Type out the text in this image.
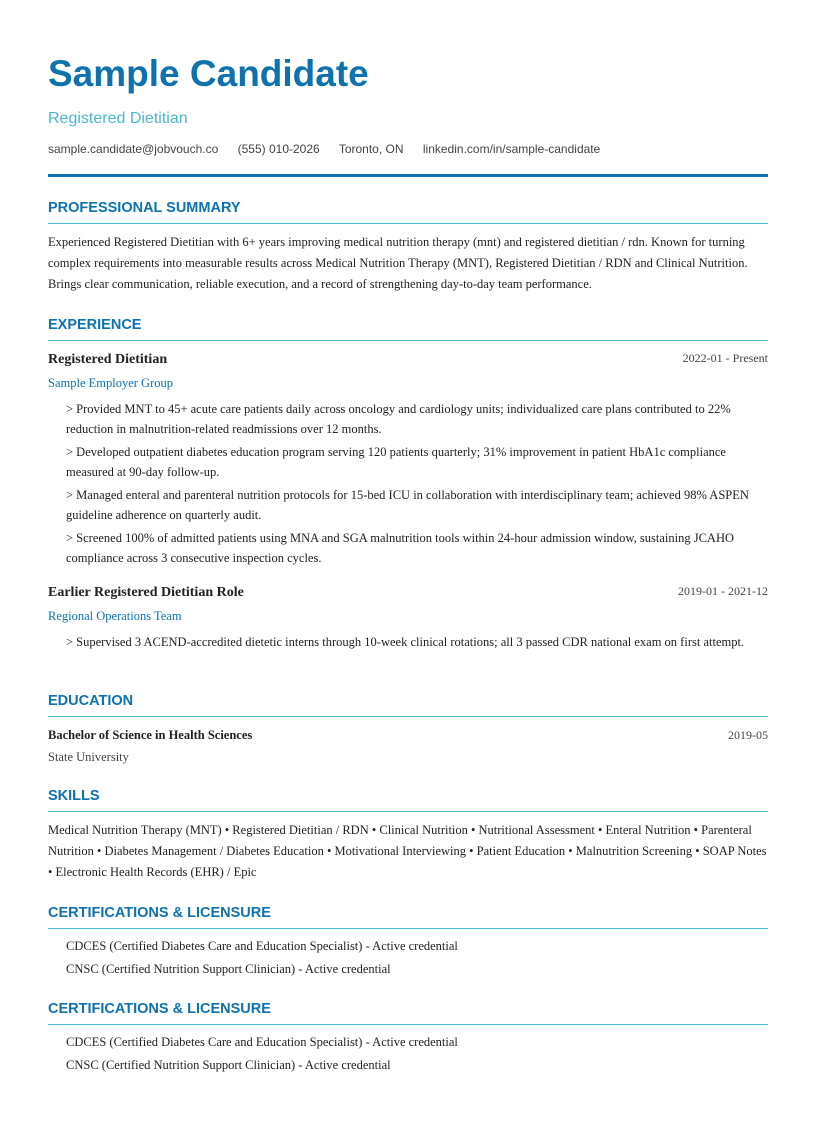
Sample Candidate
Registered Dietitian
sample.candidate@jobvouch.co (555) 010-2026 Toronto, ON linkedin.com/in/sample-candidate
PROFESSIONAL SUMMARY
Experienced Registered Dietitian with 6+ years improving medical nutrition therapy (mnt) and registered dietitian / rdn. Known for turning complex requirements into measurable results across Medical Nutrition Therapy (MNT), Registered Dietitian / RDN and Clinical Nutrition. Brings clear communication, reliable execution, and a record of strengthening day-to-day team performance.
EXPERIENCE
Registered Dietitian	2022-01 - Present
Sample Employer Group
> Provided MNT to 45+ acute care patients daily across oncology and cardiology units; individualized care plans contributed to 22% reduction in malnutrition-related readmissions over 12 months.
> Developed outpatient diabetes education program serving 120 patients quarterly; 31% improvement in patient HbA1c compliance measured at 90-day follow-up.
> Managed enteral and parenteral nutrition protocols for 15-bed ICU in collaboration with interdisciplinary team; achieved 98% ASPEN guideline adherence on quarterly audit.
> Screened 100% of admitted patients using MNA and SGA malnutrition tools within 24-hour admission window, sustaining JCAHO compliance across 3 consecutive inspection cycles.
Earlier Registered Dietitian Role	2019-01 - 2021-12
Regional Operations Team
> Supervised 3 ACEND-accredited dietetic interns through 10-week clinical rotations; all 3 passed CDR national exam on first attempt.
EDUCATION
Bachelor of Science in Health Sciences	2019-05
State University
SKILLS
Medical Nutrition Therapy (MNT) • Registered Dietitian / RDN • Clinical Nutrition • Nutritional Assessment • Enteral Nutrition • Parenteral Nutrition • Diabetes Management / Diabetes Education • Motivational Interviewing • Patient Education • Malnutrition Screening • SOAP Notes • Electronic Health Records (EHR) / Epic
CERTIFICATIONS & LICENSURE
CDCES (Certified Diabetes Care and Education Specialist) - Active credential
CNSC (Certified Nutrition Support Clinician) - Active credential
CERTIFICATIONS & LICENSURE
CDCES (Certified Diabetes Care and Education Specialist) - Active credential
CNSC (Certified Nutrition Support Clinician) - Active credential
